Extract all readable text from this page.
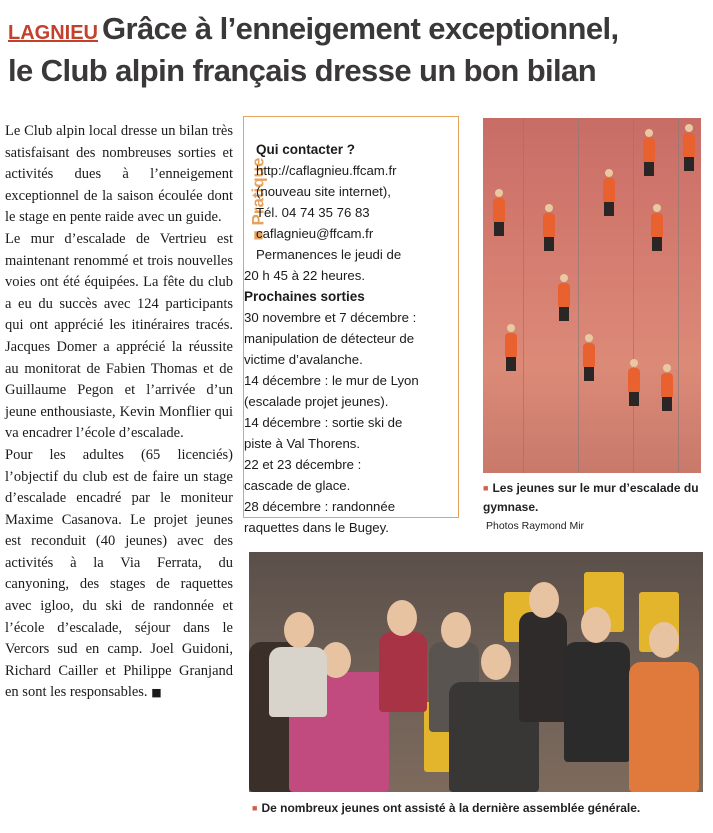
LAGNIEU Grâce à l’enneigement exceptionnel,
le Club alpin français dresse un bon bilan

Le Club alpin local dresse un bilan très satisfaisant des nombreuses sorties et activités dues à l’enneigement exceptionnel de la saison écoulée dont le stage en pente raide avec un guide.

Le mur d’escalade de Vertrieu est maintenant renommé et trois nouvelles voies ont été équipées. La fête du club a eu du succès avec 124 participants qui ont apprécié les itinéraires tracés. Jacques Domer a apprécié la réussite au monitorat de Fabien Thomas et de Guillaume Pegon et l’arrivée d’un jeune enthousiaste, Kevin Monflier qui va encadrer l’école d’escalade.

Pour les adultes (65 licenciés) l’objectif du club est de faire un stage d’escalade encadré par le moniteur Maxime Casanova. Le projet jeunes est reconduit (40 jeunes) avec des activités à la Via Ferrata, du canyoning, des stages de raquettes avec igloo, du ski de randonnée et l’école d’escalade, séjour dans le Vercors sud en camp. Joel Guidoni, Richard Cailler et Philippe Granjand en sont les responsables. ■

■ Pratique
Qui contacter ?
http://caflagnieu.ffcam.fr
(nouveau site internet),
Tél. 04 74 35 76 83
caflagnieu@ffcam.fr
Permanences le jeudi de
20 h 45 à 22 heures.
Prochaines sorties
30 novembre et 7 décembre :
manipulation de détecteur de
victime d’avalanche.
14 décembre : le mur de Lyon
(escalade projet jeunes).
14 décembre : sortie ski de
piste à Val Thorens.
22 et 23 décembre :
cascade de glace.
28 décembre : randonnée
raquettes dans le Bugey.
■ Les jeunes sur le mur d’escalade du gymnase.
Photos Raymond Mir
■ De nombreux jeunes ont assisté à la dernière assemblée générale.
